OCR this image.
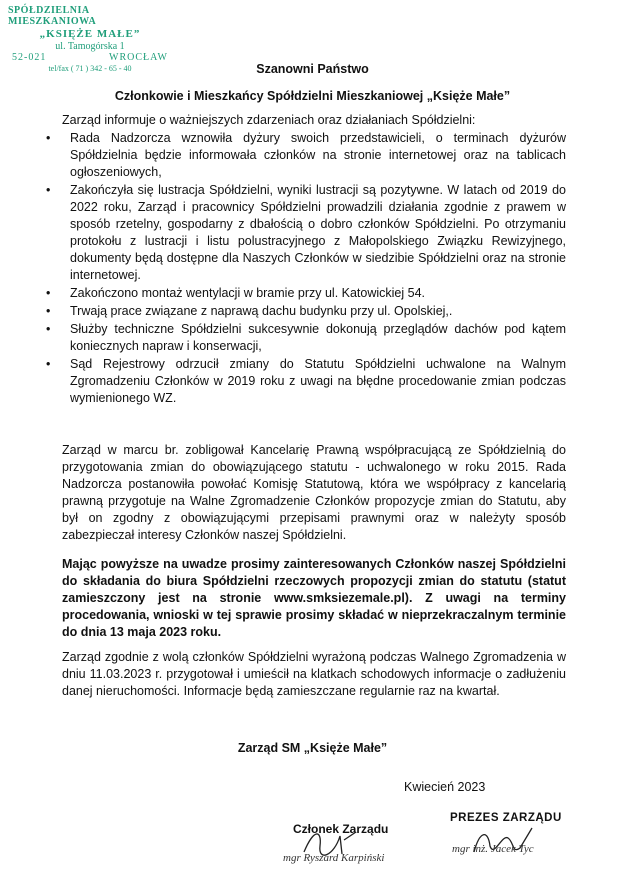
SPÓŁDZIELNIA MIESZKANIOWA
„KSIĘŻE MAŁE”
ul. Tamogórska 1
52-021	WROCŁAW
tel/fax ( 71 ) 342 - 65 - 40	Szanowni Państwo
Członkowie i Mieszkańcy Spółdzielni Mieszkaniowej „Księże Małe”
Zarząd informuje o ważniejszych zdarzeniach oraz działaniach Spółdzielni:
• Rada Nadzorcza wznowiła dyżury swoich przedstawicieli, o terminach dyżurów Spółdzielnia będzie informowała członków na stronie internetowej oraz na tablicach ogłoszeniowych,
• Zakończyła się lustracja Spółdzielni, wyniki lustracji są pozytywne. W latach od 2019 do 2022 roku, Zarząd i pracownicy Spółdzielni prowadzili działania zgodnie z prawem w sposób rzetelny, gospodarny z dbałością o dobro członków Spółdzielni. Po otrzymaniu protokołu z lustracji i listu polustracyjnego z Małopolskiego Związku Rewizyjnego, dokumenty będą dostępne dla Naszych Członków w siedzibie Spółdzielni oraz na stronie internetowej.
• Zakończono montaż wentylacji w bramie przy ul. Katowickiej 54.
• Trwają prace związane z naprawą dachu budynku przy ul. Opolskiej,.
• Służby techniczne Spółdzielni sukcesywnie dokonują przeglądów dachów pod kątem koniecznych napraw i konserwacji,
• Sąd Rejestrowy odrzucił zmiany do Statutu Spółdzielni uchwalone na Walnym Zgromadzeniu Członków w 2019 roku z uwagi na błędne procedowanie zmian podczas wymienionego WZ.

Zarząd w marcu br. zobligował Kancelarię Prawną współpracującą ze Spółdzielnią do przygotowania zmian do obowiązującego statutu - uchwalonego w roku 2015. Rada Nadzorcza postanowiła powołać Komisję Statutową, która we współpracy z kancelarią prawną przygotuje na Walne Zgromadzenie Członków propozycje zmian do Statutu, aby był on zgodny z obowiązującymi przepisami prawnymi oraz w należyty sposób zabezpieczał interesy Członków naszej Spółdzielni.

Mając powyższe na uwadze prosimy zainteresowanych Członków naszej Spółdzielni do składania do biura Spółdzielni rzeczowych propozycji zmian do statutu (statut zamieszczony jest na stronie www.smksiezemale.pl). Z uwagi na terminy procedowania, wnioski w tej sprawie prosimy składać w nieprzekraczalnym terminie do dnia 13 maja 2023 roku.

Zarząd zgodnie z wolą członków Spółdzielni wyrażoną podczas Walnego Zgromadzenia w dniu 11.03.2023 r. przygotował i umieścił na klatkach schodowych informacje o zadłużeniu danej nieruchomości. Informacje będą zamieszczane regularnie raz na kwartał.

Zarząd SM „Księże Małe”
Kwiecień 2023
Członek Zarządu
mgr Ryszard Karpiński
PREZES ZARZĄDU
mgr inż. Jacek Tyc
